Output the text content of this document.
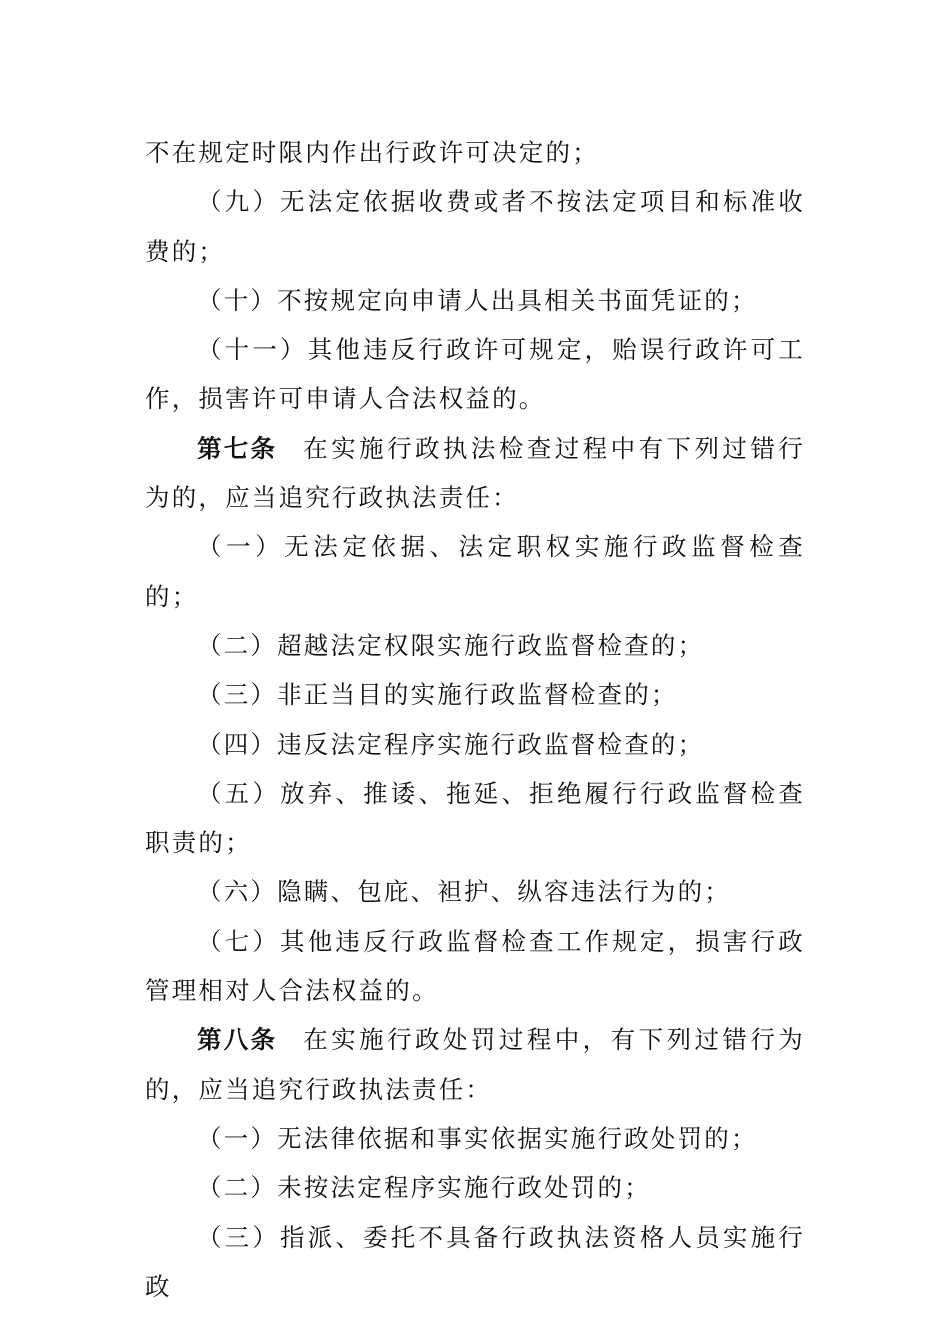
不在规定时限内作出行政许可决定的；

（九）无法定依据收费或者不按法定项目和标准收费的；

（十）不按规定向申请人出具相关书面凭证的；

（十一）其他违反行政许可规定，贻误行政许可工作，损害许可申请人合法权益的。

第七条 在实施行政执法检查过程中有下列过错行为的，应当追究行政执法责任：

（一）无法定依据、法定职权实施行政监督检查的；

（二）超越法定权限实施行政监督检查的；

（三）非正当目的实施行政监督检查的；

（四）违反法定程序实施行政监督检查的；

（五）放弃、推诿、拖延、拒绝履行行政监督检查职责的；

（六）隐瞒、包庇、袒护、纵容违法行为的；

（七）其他违反行政监督检查工作规定，损害行政管理相对人合法权益的。

第八条 在实施行政处罚过程中，有下列过错行为的，应当追究行政执法责任：

（一）无法律依据和事实依据实施行政处罚的；

（二）未按法定程序实施行政处罚的；

（三）指派、委托不具备行政执法资格人员实施行政
